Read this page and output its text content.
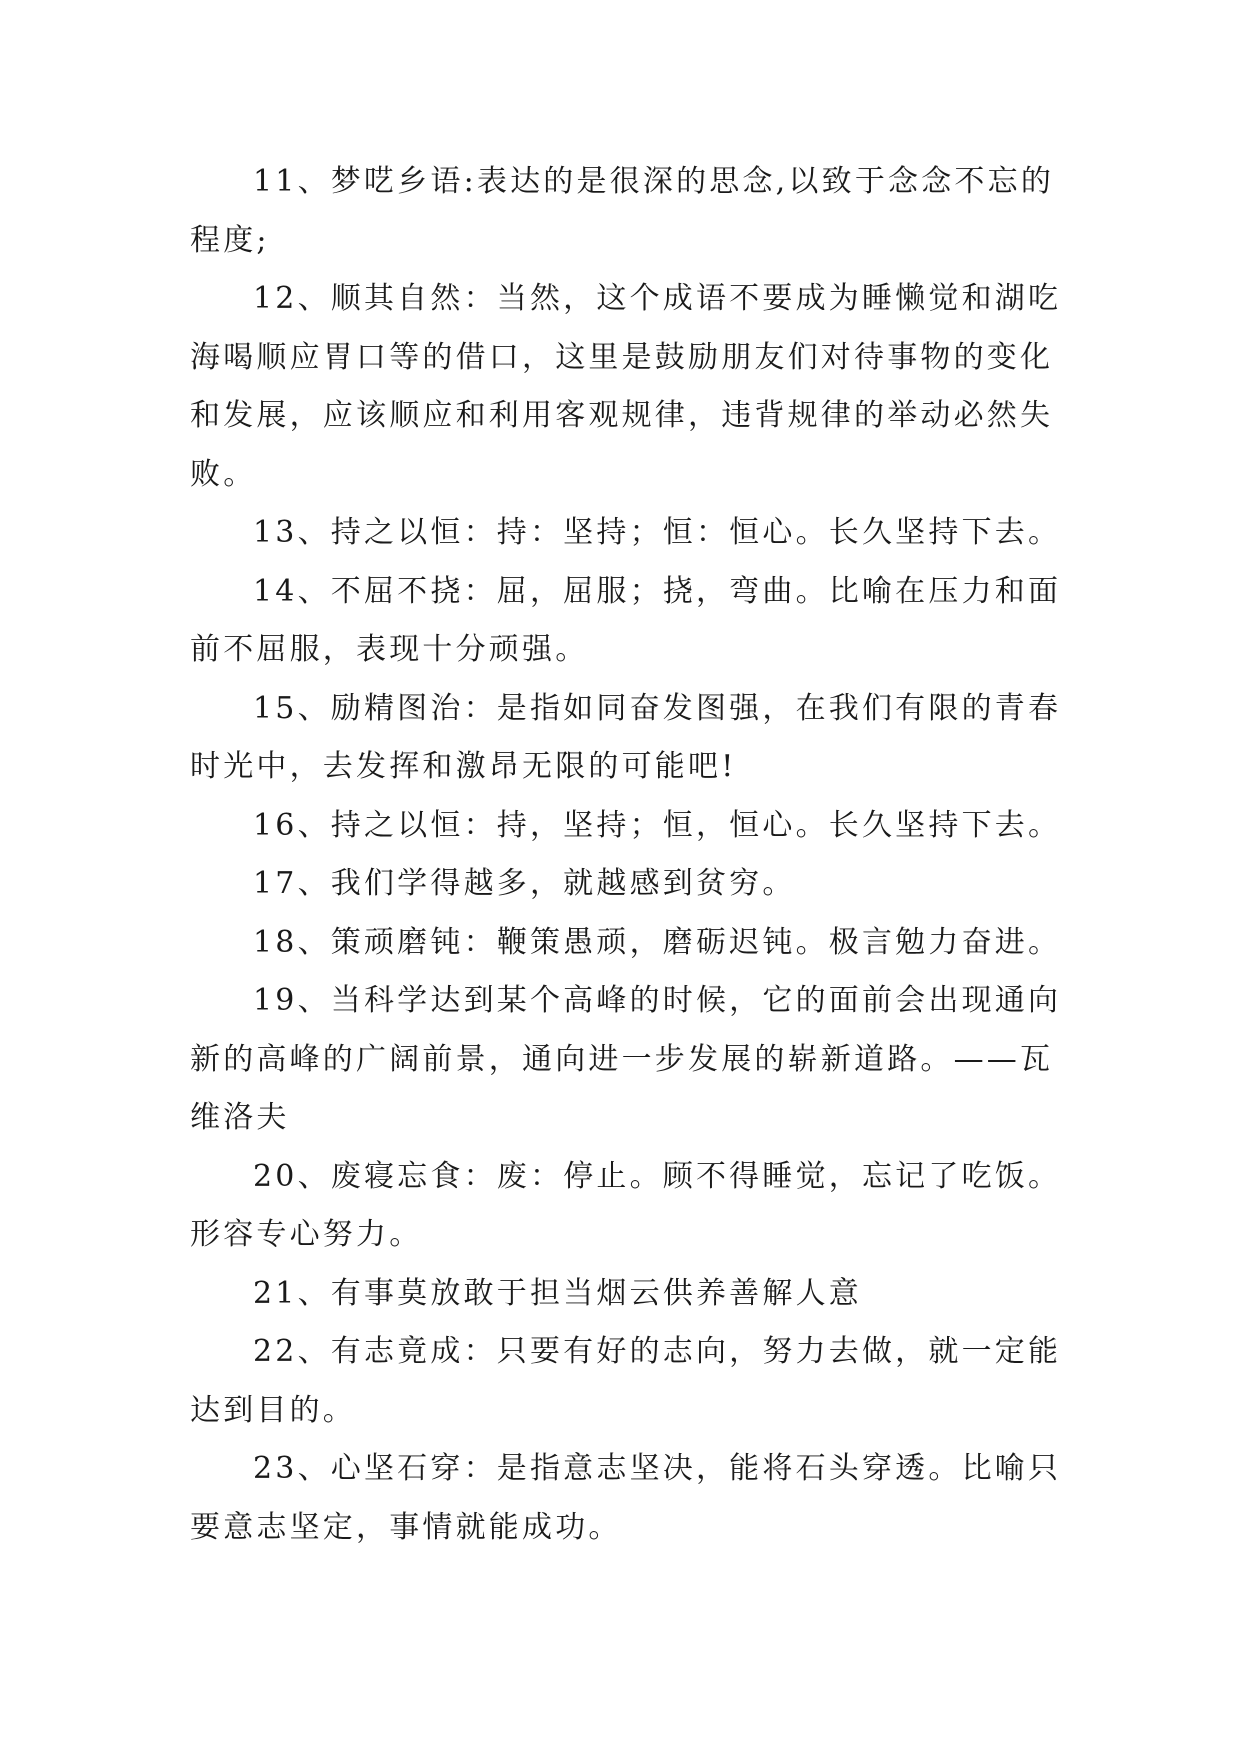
11、梦呓乡语:表达的是很深的思念,以致于念念不忘的程度;

12、顺其自然：当然，这个成语不要成为睡懒觉和湖吃海喝顺应胃口等的借口，这里是鼓励朋友们对待事物的变化和发展，应该顺应和利用客观规律，违背规律的举动必然失败。

13、持之以恒：持：坚持；恒：恒心。长久坚持下去。

14、不屈不挠：屈，屈服；挠，弯曲。比喻在压力和面前不屈服，表现十分顽强。

15、励精图治：是指如同奋发图强，在我们有限的青春时光中，去发挥和激昂无限的可能吧!

16、持之以恒：持，坚持；恒，恒心。长久坚持下去。

17、我们学得越多，就越感到贫穷。

18、策顽磨钝：鞭策愚顽，磨砺迟钝。极言勉力奋进。

19、当科学达到某个高峰的时候，它的面前会出现通向新的高峰的广阔前景，通向进一步发展的崭新道路。——瓦维洛夫

20、废寝忘食：废：停止。顾不得睡觉，忘记了吃饭。形容专心努力。

21、有事莫放敢于担当烟云供养善解人意

22、有志竟成：只要有好的志向，努力去做，就一定能达到目的。

23、心坚石穿：是指意志坚决，能将石头穿透。比喻只要意志坚定，事情就能成功。
